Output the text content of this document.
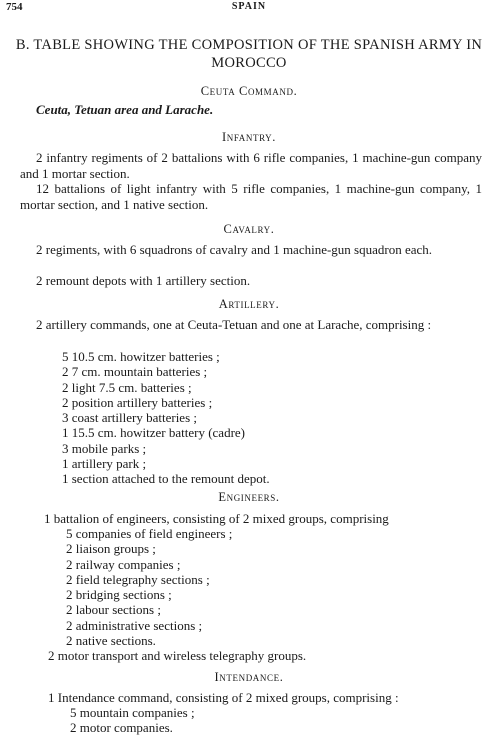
754	SPAIN
B. TABLE SHOWING THE COMPOSITION OF THE SPANISH ARMY IN MOROCCO
Ceuta Command.
Ceuta, Tetuan area and Larache.
Infantry.
2 infantry regiments of 2 battalions with 6 rifle companies, 1 machine-gun company and 1 mortar section.
12 battalions of light infantry with 5 rifle companies, 1 machine-gun company, 1 mortar section, and 1 native section.
Cavalry.
2 regiments, with 6 squadrons of cavalry and 1 machine-gun squadron each.
2 remount depots with 1 artillery section.
Artillery.
2 artillery commands, one at Ceuta-Tetuan and one at Larache, comprising :
5 10.5 cm. howitzer batteries ;
2 7 cm. mountain batteries ;
2 light 7.5 cm. batteries ;
2 position artillery batteries ;
3 coast artillery batteries ;
1 15.5 cm. howitzer battery (cadre)
3 mobile parks ;
1 artillery park ;
1 section attached to the remount depot.
Engineers.
1 battalion of engineers, consisting of 2 mixed groups, comprising
5 companies of field engineers ;
2 liaison groups ;
2 railway companies ;
2 field telegraphy sections ;
2 bridging sections ;
2 labour sections ;
2 administrative sections ;
2 native sections.
2 motor transport and wireless telegraphy groups.
Intendance.
1 Intendance command, consisting of 2 mixed groups, comprising :
5 mountain companies ;
2 motor companies.
